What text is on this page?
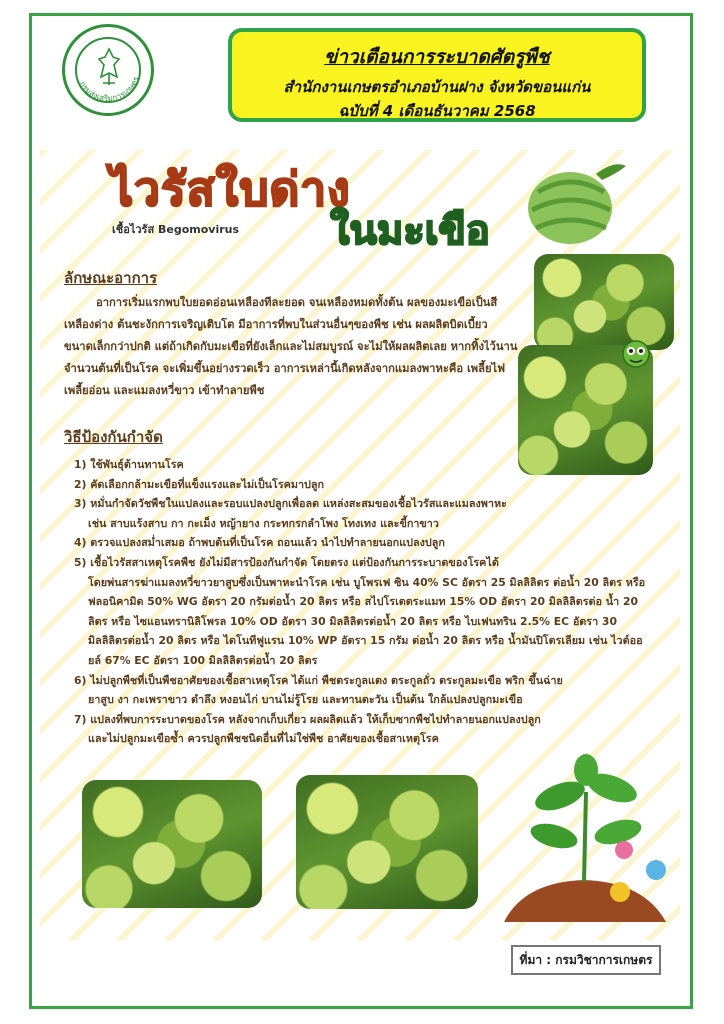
กรมส่งเสริมการเกษตร
ข่าวเตือนการระบาดศัตรูพืช
สำนักงานเกษตรอำเภอบ้านฝาง จังหวัดขอนแก่น
ฉบับที่ 4 เดือนธันวาคม 2568
ไวรัสใบด่าง
เชื้อไวรัส Begomovirus ในมะเขือ
ลักษณะอาการ
อาการเริ่มแรกพบใบยอดอ่อนเหลืองทีละยอด จนเหลืองหมดทั้งต้น ผลของมะเขือเป็นสีเหลืองด่าง ต้นชะงักการเจริญเติบโต มีอาการที่พบในส่วนอื่นๆของพืช เช่น ผลผลิตบิดเบี้ยว ขนาดเล็กกว่าปกติ แต่ถ้าเกิดกับมะเขือที่ยังเล็กและไม่สมบูรณ์ จะไม่ให้ผลผลิตเลย หากทิ้งไว้นานจำนวนต้นที่เป็นโรค จะเพิ่มขึ้นอย่างรวดเร็ว อาการเหล่านี้เกิดหลังจากแมลงพาหะคือ เพลี้ยไฟ เพลี้ยอ่อน และแมลงหวี่ขาว เข้าทำลายพืช
วิธีป้องกันกำจัด
1) ใช้พันธุ์ต้านทานโรค
2) คัดเลือกกล้ามะเขือที่แข็งแรงและไม่เป็นโรคมาปลูก
3) หมั่นกำจัดวัชพืชในแปลงและรอบแปลงปลูกเพื่อลด แหล่งสะสมของเชื้อไวรัสและแมลงพาหะ
เช่น สาบแร้งสาบ กา กะเม็ง หญ้ายาง กระทกรกลำโพง โทงเทง และขี้กาขาว
4) ตรวจแปลงสม่ำเสมอ ถ้าพบต้นที่เป็นโรค ถอนแล้ว นำไปทำลายนอกแปลงปลูก
5) เชื้อไวรัสสาเหตุโรคพืช ยังไม่มีสารป้องกันกำจัด โดยตรง แต่ป้องกันการระบาดของโรคได้
โดยพ่นสารฆ่าแมลงหวี่ขาวยาสูบซึ่งเป็นพาหะนำโรค เช่น บูโพรเฟ ซิน 40% SC อัตรา 25 มิลลิลิตร ต่อน้ำ 20 ลิตร หรือ ฟลอนิคามิด 50% WG อัตรา 20 กรัมต่อน้ำ 20 ลิตร หรือ สไปโรเตตระแมท 15% OD อัตรา 20 มิลลิลิตรต่อ น้ำ 20 ลิตร หรือ ไซแอนทรานิลิโพรล 10% OD อัตรา 30 มิลลิลิตรต่อน้ำ 20 ลิตร หรือ ไบเฟนทริน 2.5% EC อัตรา 30 มิลลิลิตรต่อน้ำ 20 ลิตร หรือ ไดโนทีฟูแรน 10% WP อัตรา 15 กรัม ต่อน้ำ 20 ลิตร หรือ น้ำมันปิโตรเลียม เช่น ไวต์ออยล์ 67% EC อัตรา 100 มิลลิลิตรต่อน้ำ 20 ลิตร
6) ไม่ปลูกพืชที่เป็นพืชอาศัยของเชื้อสาเหตุโรค ได้แก่ พืชตระกูลแตง ตระกูลถั่ว ตระกูลมะเขือ พริก ขึ้นฉ่าย
ยาสูบ งา กะเพราขาว ตำลึง หงอนไก่ บานไม่รู้โรย และทานตะวัน เป็นต้น ใกล้แปลงปลูกมะเขือ
7) แปลงที่พบการระบาดของโรค หลังจากเก็บเกี่ยว ผลผลิตแล้ว ให้เก็บซากพืชไปทำลายนอกแปลงปลูก
และไม่ปลูกมะเขือซ้ำ ควรปลูกพืชชนิดอื่นที่ไม่ใช่พืช อาศัยของเชื้อสาเหตุโรค
ที่มา : กรมวิชาการเกษตร
